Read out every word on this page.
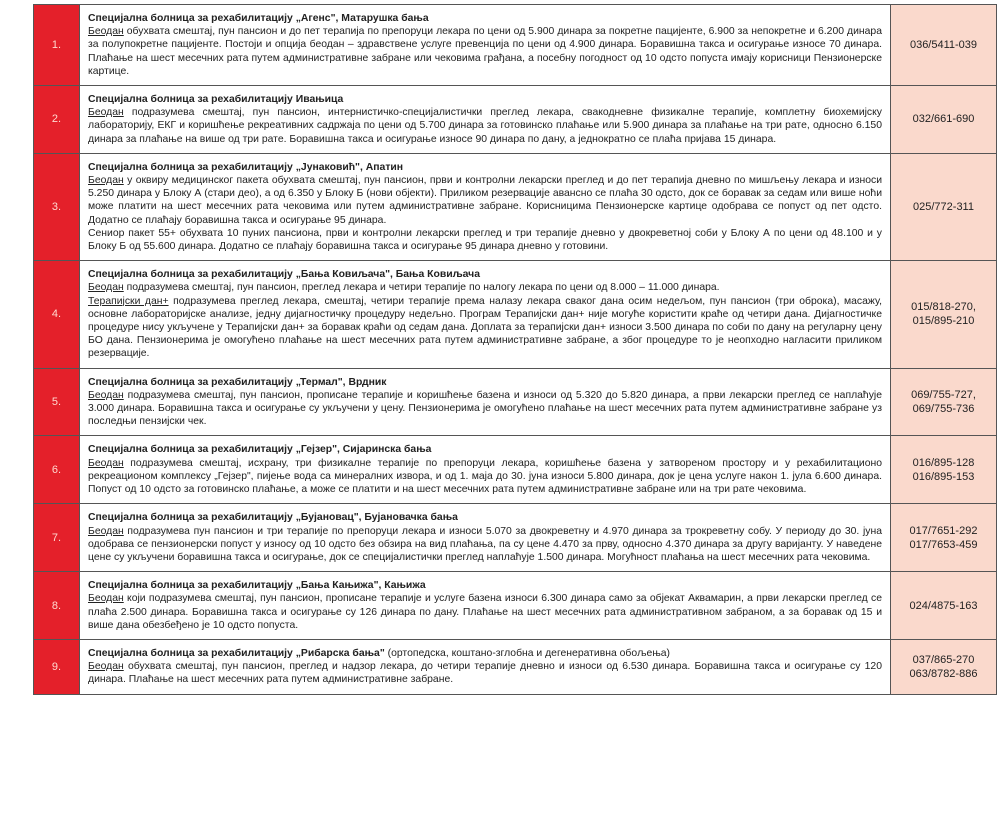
1.	Специјална болница за рехабилитацију „Агенс", Матарушка бања
Беодан обухвата смештај, пун пансион и до пет терапија по препоруци лекара по цени од 5.900 динара за покретне пацијенте, 6.900 за непокретне и 6.200 динара за полупокретне пацијенте. Постоји и опција беодан – здравствене услуге превенција по цени од 4.900 динара. Боравишна такса и осигурање износе 70 динара. Плаћање на шест месечних рата путем административне забране или чековима грађана, а посебну погодност од 10 одсто попуста имају корисници Пензионерске картице.	036/5411-039

2.	Специјална болница за рехабилитацију Ивањица
Беодан подразумева смештај, пун пансион, интернистичко-специјалистички преглед лекара, свакодневне физикалне терапије, комплетну биохемијску лабораторију, ЕКГ и коришћење рекреативних садржаја по цени од 5.700 динара за готовинско плаћање или 5.900 динара за плаћање на три рате, односно 6.150 динара за плаћање на више од три рате. Боравишна такса и осигурање износе 90 динара по дану, а једнократно се плаћа пријава 15 динара.	032/661-690

3.	Специјална болница за рехабилитацију „Јунаковић", Апатин
Беодан у оквиру медицинског пакета обухвата смештај, пун пансион, први и контролни лекарски преглед и до пет терапија дневно по мишљењу лекара и износи 5.250 динара у Блоку А (стари део), а од 6.350 у Блоку Б (нови објекти). Приликом резервације авансно се плаћа 30 одсто, док се боравак за седам или више ноћи може платити на шест месечних рата чековима или путем административне забране. Корисницима Пензионерске картице одобрава се попуст од пет одсто. Додатно се плаћају боравишна такса и осигурање 95 динара.
Сениор пакет 55+ обухвата 10 пуних пансиона, први и контролни лекарски преглед и три терапије дневно у двокреветној соби у Блоку А по цени од 48.100 и у Блоку Б од 55.600 динара. Додатно се плаћају боравишна такса и осигурање 95 динара дневно у готовини.	025/772-311

4.	Специјална болница за рехабилитацију „Бања Ковиљача", Бања Ковиљача
Беодан подразумева смештај, пун пансион, преглед лекара и четири терапије по налогу лекара по цени од 8.000 – 11.000 динара.
Терапијски дан+ подразумева преглед лекара, смештај, четири терапије према налазу лекара сваког дана осим недељом, пун пансион (три оброка), масажу, основне лабораторијске анализе, једну дијагностичку процедуру недељно. Програм Терапијски дан+ није могуће користити краће од четири дана. Дијагностичке процедуре нису укључене у Терапијски дан+ за боравак краћи од седам дана. Доплата за терапијски дан+ износи 3.500 динара по соби по дану на регуларну цену БО дана. Пензионерима је омогућено плаћање на шест месечних рата путем административне забране, а због процедуре то је неопходно нагласити приликом резервације.	015/818-270,
015/895-210

5.	Специјална болница за рехабилитацију „Термал", Врдник
Беодан подразумева смештај, пун пансион, прописане терапије и коришћење базена и износи од 5.320 до 5.820 динара, а први лекарски преглед се наплаћује 3.000 динара. Боравишна такса и осигурање су укључени у цену. Пензионерима је омогућено плаћање на шест месечних рата путем административне забране уз последњи пензијски чек.	069/755-727,
069/755-736

6.	Специјална болница за рехабилитацију „Гејзер", Сијаринска бања
Беодан подразумева смештај, исхрану, три физикалне терапије по препоруци лекара, коришћење базена у затвореном простору и у рехабилитационо рекреационом комплексу „Гејзер", пијење вода са минералних извора, и од 1. маја до 30. јуна износи 5.800 динара, док је цена услуге након 1. јула 6.600 динара. Попуст од 10 одсто за готовинско плаћање, а може се платити и на шест месечних рата путем административне забране или на три рате чековима.	016/895-128
016/895-153

7.	Специјална болница за рехабилитацију „Бујановац", Бујановачка бања
Беодан подразумева пун пансион и три терапије по препоруци лекара и износи 5.070 за двокреветну и 4.970 динара за трокреветну собу. У периоду до 30. јуна одобрава се пензионерски попуст у износу од 10 одсто без обзира на вид плаћања, па су цене 4.470 за прву, односно 4.370 динара за другу варијанту. У наведене цене су укључени боравишна такса и осигурање, док се специјалистички преглед наплаћује 1.500 динара. Могућност плаћања на шест месечних рата чековима.	017/7651-292
017/7653-459

8.	Специјална болница за рехабилитацију „Бања Кањижа", Кањижа
Беодан који подразумева смештај, пун пансион, прописане терапије и услуге базена износи 6.300 динара само за објекат Аквамарин, а први лекарски преглед се плаћа 2.500 динара. Боравишна такса и осигурање су 126 динара по дану. Плаћање на шест месечних рата административном забраном, а за боравак од 15 и више дана обезбеђено је 10 одсто попуста.	024/4875-163

9.	Специјална болница за рехабилитацију „Рибарска бања" (ортопедска, коштано-зглобна и дегенеративна обољења)
Беодан обухвата смештај, пун пансион, преглед и надзор лекара, до четири терапије дневно и износи од 6.530 динара. Боравишна такса и осигурање су 120 динара. Плаћање на шест месечних рата путем административне забране.	037/865-270
063/8782-886
